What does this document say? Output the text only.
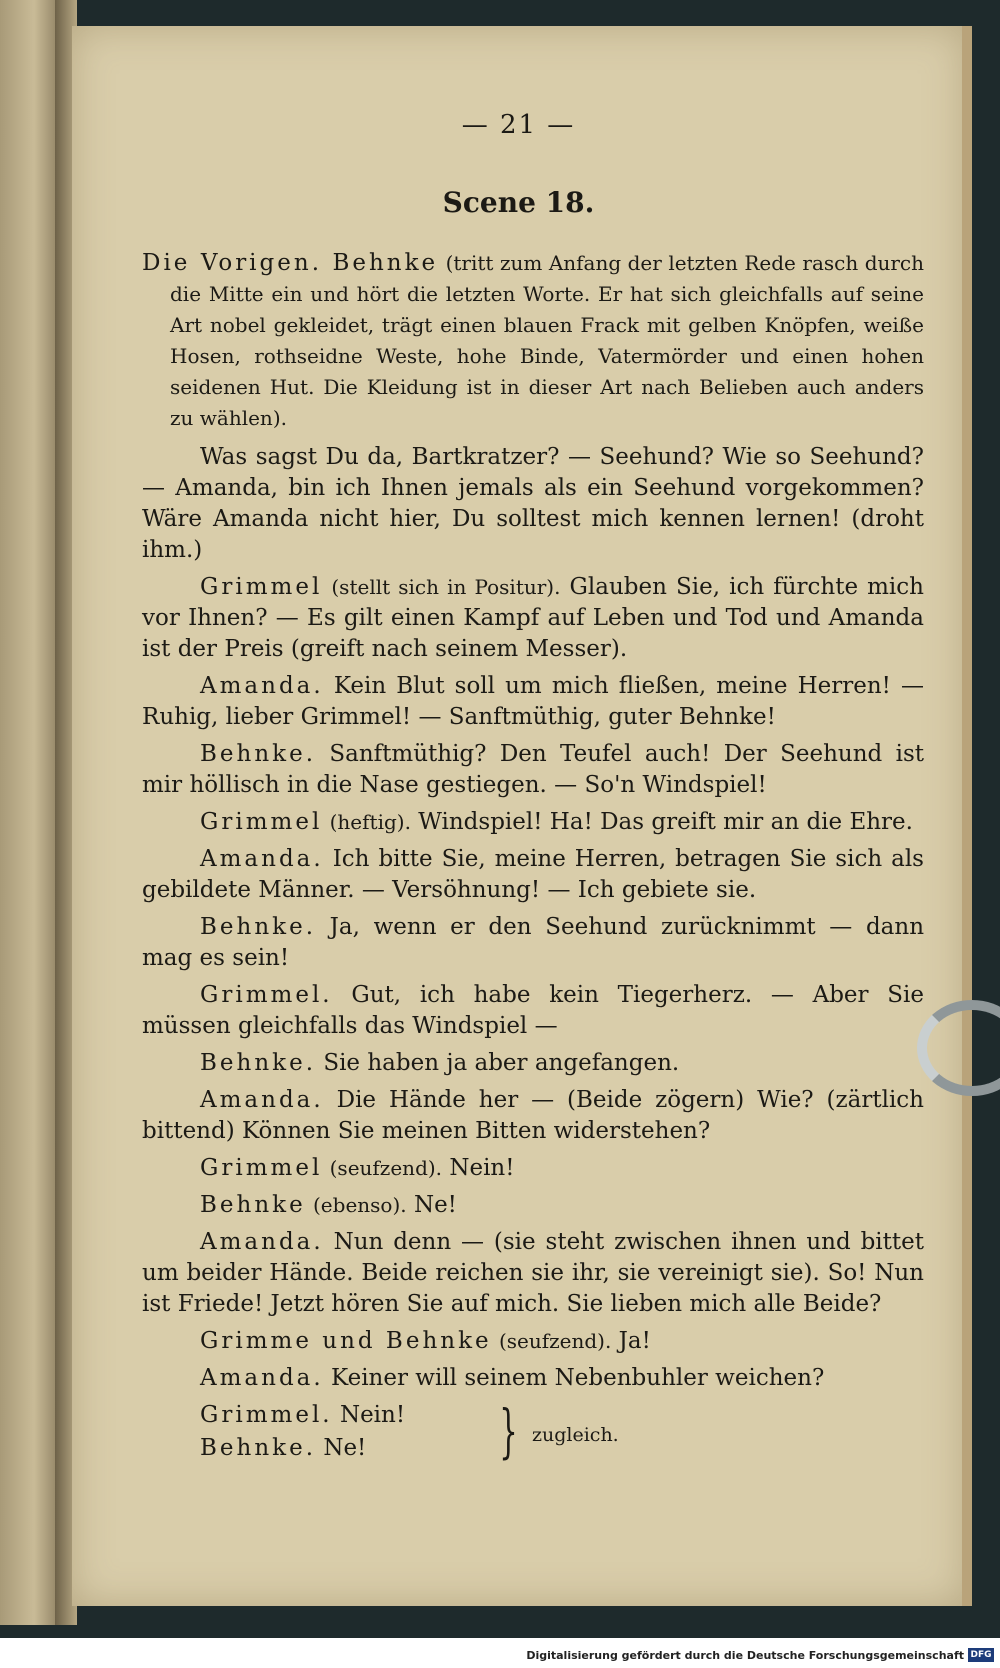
— 21 —
Scene 18.

Die Vorigen. Behnke (tritt zum Anfang der letzten Rede rasch durch die Mitte ein und hört die letzten Worte. Er hat sich gleichfalls auf seine Art nobel gekleidet, trägt einen blauen Frack mit gelben Knöpfen, weiße Hosen, rothseidne Weste, hohe Binde, Vatermörder und einen hohen seidenen Hut. Die Kleidung ist in dieser Art nach Belieben auch anders zu wählen).

Was sagst Du da, Bartkratzer? — Seehund? Wie so Seehund? — Amanda, bin ich Ihnen jemals als ein Seehund vorgekommen? Wäre Amanda nicht hier, Du solltest mich kennen lernen! (droht ihm.)

Grimmel (stellt sich in Positur). Glauben Sie, ich fürchte mich vor Ihnen? — Es gilt einen Kampf auf Leben und Tod und Amanda ist der Preis (greift nach seinem Messer).

Amanda. Kein Blut soll um mich fließen, meine Herren! — Ruhig, lieber Grimmel! — Sanftmüthig, guter Behnke!

Behnke. Sanftmüthig? Den Teufel auch! Der Seehund ist mir höllisch in die Nase gestiegen. — So'n Windspiel!

Grimmel (heftig). Windspiel! Ha! Das greift mir an die Ehre.

Amanda. Ich bitte Sie, meine Herren, betragen Sie sich als gebildete Männer. — Versöhnung! — Ich gebiete sie.

Behnke. Ja, wenn er den Seehund zurücknimmt — dann mag es sein!

Grimmel. Gut, ich habe kein Tiegerherz. — Aber Sie müssen gleichfalls das Windspiel —

Behnke. Sie haben ja aber angefangen.

Amanda. Die Hände her — (Beide zögern) Wie? (zärtlich bittend) Können Sie meinen Bitten widerstehen?

Grimmel (seufzend). Nein!

Behnke (ebenso). Ne!

Amanda. Nun denn — (sie steht zwischen ihnen und bittet um beider Hände. Beide reichen sie ihr, sie vereinigt sie). So! Nun ist Friede! Jetzt hören Sie auf mich. Sie lieben mich alle Beide?

Grimme und Behnke (seufzend). Ja!

Amanda. Keiner will seinem Nebenbuhler weichen?

Grimmel. Nein!
Behnke. Ne!	} zugleich.
Digitalisierung gefördert durch die Deutsche Forschungsgemeinschaft DFG
